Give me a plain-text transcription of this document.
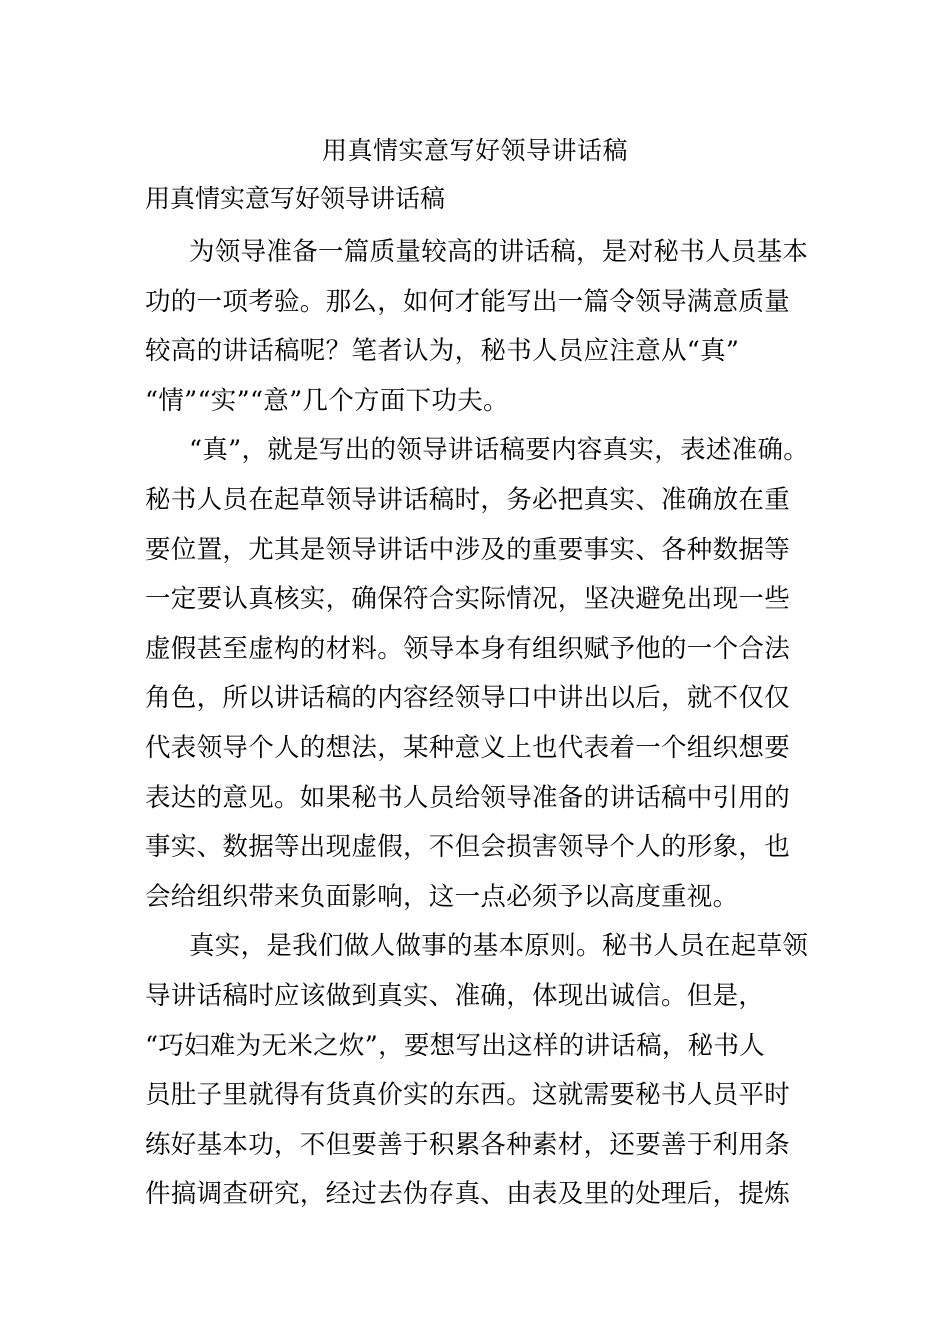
用真情实意写好领导讲话稿
用真情实意写好领导讲话稿
为领导准备一篇质量较高的讲话稿，是对秘书人员基本
功的一项考验。那么，如何才能写出一篇令领导满意质量
较高的讲话稿呢？笔者认为，秘书人员应注意从“真”
“情”“实”“意”几个方面下功夫。
“真”，就是写出的领导讲话稿要内容真实，表述准确。
秘书人员在起草领导讲话稿时，务必把真实、准确放在重
要位置，尤其是领导讲话中涉及的重要事实、各种数据等
一定要认真核实，确保符合实际情况，坚决避免出现一些
虚假甚至虚构的材料。领导本身有组织赋予他的一个合法
角色，所以讲话稿的内容经领导口中讲出以后，就不仅仅
代表领导个人的想法，某种意义上也代表着一个组织想要
表达的意见。如果秘书人员给领导准备的讲话稿中引用的
事实、数据等出现虚假，不但会损害领导个人的形象，也
会给组织带来负面影响，这一点必须予以高度重视。
真实，是我们做人做事的基本原则。秘书人员在起草领
导讲话稿时应该做到真实、准确，体现出诚信。但是，
“巧妇难为无米之炊”，要想写出这样的讲话稿，秘书人
员肚子里就得有货真价实的东西。这就需要秘书人员平时
练好基本功，不但要善于积累各种素材，还要善于利用条
件搞调查研究，经过去伪存真、由表及里的处理后，提炼
